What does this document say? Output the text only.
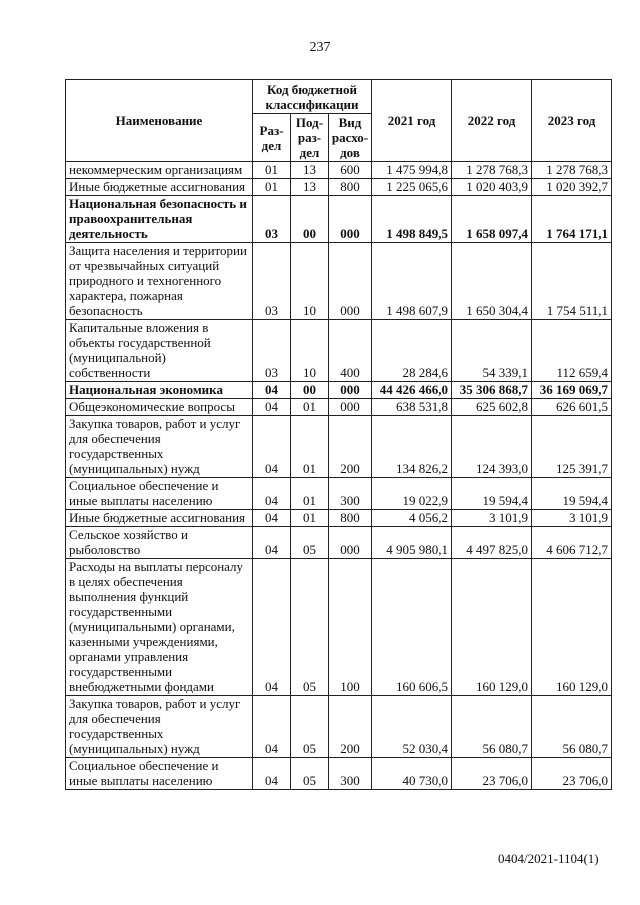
237
Наименование	Код бюджетной классификации			2021 год	2022 год	2023 год
	Раз-дел	Под-раз-дел	Вид расхо-дов			
некоммерческим организациям	01	13	600	1 475 994,8	1 278 768,3	1 278 768,3
Иные бюджетные ассигнования	01	13	800	1 225 065,6	1 020 403,9	1 020 392,7
Национальная безопасность и правоохранительная деятельность	03	00	000	1 498 849,5	1 658 097,4	1 764 171,1
Защита населения и территории от чрезвычайных ситуаций природного и техногенного характера, пожарная безопасность	03	10	000	1 498 607,9	1 650 304,4	1 754 511,1
Капитальные вложения в объекты государственной (муниципальной) собственности	03	10	400	28 284,6	54 339,1	112 659,4
Национальная экономика	04	00	000	44 426 466,0	35 306 868,7	36 169 069,7
Общеэкономические вопросы	04	01	000	638 531,8	625 602,8	626 601,5
Закупка товаров, работ и услуг для обеспечения государственных (муниципальных) нужд	04	01	200	134 826,2	124 393,0	125 391,7
Социальное обеспечение и иные выплаты населению	04	01	300	19 022,9	19 594,4	19 594,4
Иные бюджетные ассигнования	04	01	800	4 056,2	3 101,9	3 101,9
Сельское хозяйство и рыболовство	04	05	000	4 905 980,1	4 497 825,0	4 606 712,7
Расходы на выплаты персоналу в целях обеспечения выполнения функций государственными (муниципальными) органами, казенными учреждениями, органами управления государственными внебюджетными фондами	04	05	100	160 606,5	160 129,0	160 129,0
Закупка товаров, работ и услуг для обеспечения государственных (муниципальных) нужд	04	05	200	52 030,4	56 080,7	56 080,7
Социальное обеспечение и иные выплаты населению	04	05	300	40 730,0	23 706,0	23 706,0
0404/2021-1104(1)
